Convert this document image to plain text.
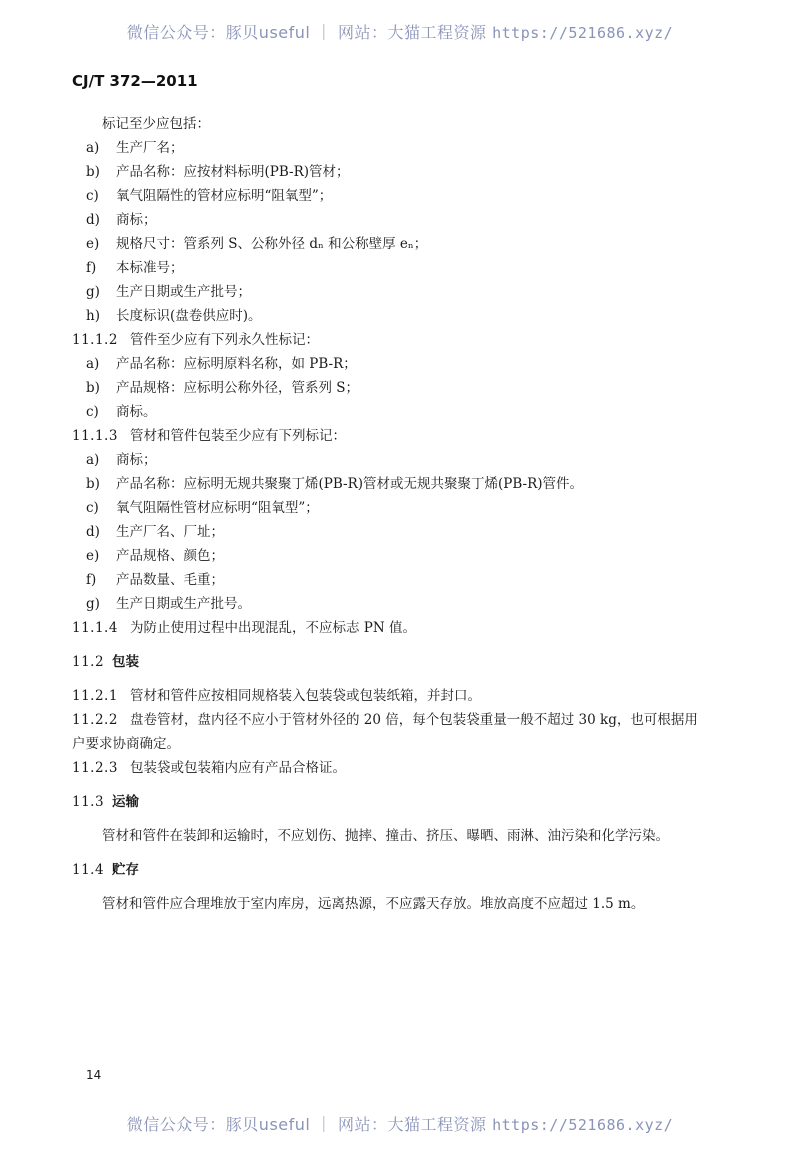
微信公众号：豚贝useful ｜ 网站：大猫工程资源 https://521686.xyz/
CJ/T 372—2011
标记至少应包括：
a) 生产厂名；
b) 产品名称：应按材料标明(PB-R)管材；
c) 氧气阻隔性的管材应标明“阻氧型”；
d) 商标；
e) 规格尺寸：管系列 S、公称外径 dₙ 和公称壁厚 eₙ；
f) 本标准号；
g) 生产日期或生产批号；
h) 长度标识(盘卷供应时)。
11.1.2 管件至少应有下列永久性标记：
a) 产品名称：应标明原料名称，如 PB-R；
b) 产品规格：应标明公称外径，管系列 S；
c) 商标。
11.1.3 管材和管件包装至少应有下列标记：
a) 商标；
b) 产品名称：应标明无规共聚聚丁烯(PB-R)管材或无规共聚聚丁烯(PB-R)管件。
c) 氧气阻隔性管材应标明“阻氧型”；
d) 生产厂名、厂址；
e) 产品规格、颜色；
f) 产品数量、毛重；
g) 生产日期或生产批号。
11.1.4 为防止使用过程中出现混乱，不应标志 PN 值。
11.2 包装
11.2.1 管材和管件应按相同规格装入包装袋或包装纸箱，并封口。
11.2.2 盘卷管材，盘内径不应小于管材外径的 20 倍，每个包装袋重量一般不超过 30 kg，也可根据用
户要求协商确定。
11.2.3 包装袋或包装箱内应有产品合格证。
11.3 运输
管材和管件在装卸和运输时，不应划伤、抛摔、撞击、挤压、曝晒、雨淋、油污染和化学污染。
11.4 贮存
管材和管件应合理堆放于室内库房，远离热源，不应露天存放。堆放高度不应超过 1.5 m。
14
微信公众号：豚贝useful ｜ 网站：大猫工程资源 https://521686.xyz/
